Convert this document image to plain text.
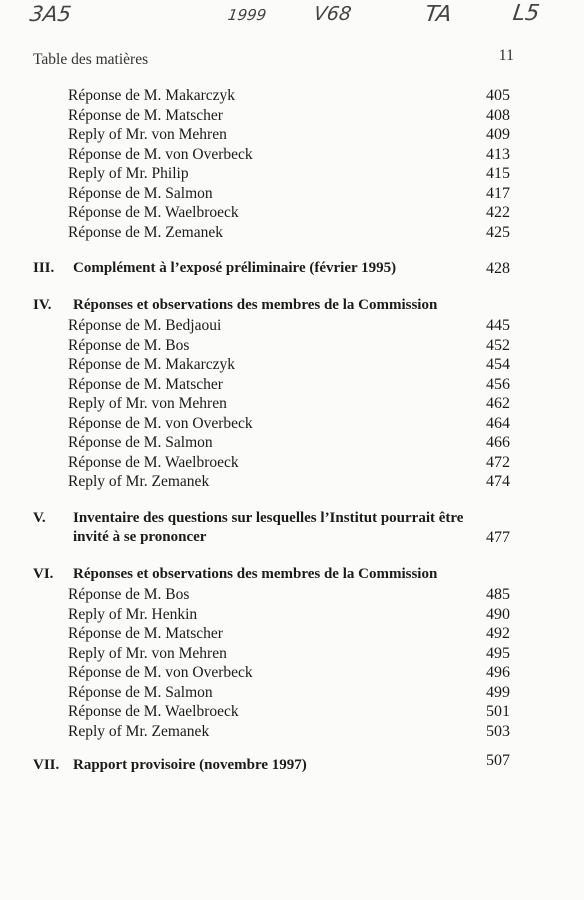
3A5	1999 V68	TA	L5
Table des matières	11
Réponse de M. Makarczyk	405
Réponse de M. Matscher	408
Reply of Mr. von Mehren	409
Réponse de M. von Overbeck	413
Reply of Mr. Philip	415
Réponse de M. Salmon	417
Réponse de M. Waelbroeck	422
Réponse de M. Zemanek	425
III. Complément à l’exposé préliminaire (février 1995)	428
IV. Réponses et observations des membres de la Commission
Réponse de M. Bedjaoui	445
Réponse de M. Bos	452
Réponse de M. Makarczyk	454
Réponse de M. Matscher	456
Reply of Mr. von Mehren	462
Réponse de M. von Overbeck	464
Réponse de M. Salmon	466
Réponse de M. Waelbroeck	472
Reply of Mr. Zemanek	474
V. Inventaire des questions sur lesquelles l’Institut pourrait être
invité à se prononcer	477
VI. Réponses et observations des membres de la Commission
Réponse de M. Bos	485
Reply of Mr. Henkin	490
Réponse de M. Matscher	492
Reply of Mr. von Mehren	495
Réponse de M. von Overbeck	496
Réponse de M. Salmon	499
Réponse de M. Waelbroeck	501
Reply of Mr. Zemanek	503
VII. Rapport provisoire (novembre 1997)	507
